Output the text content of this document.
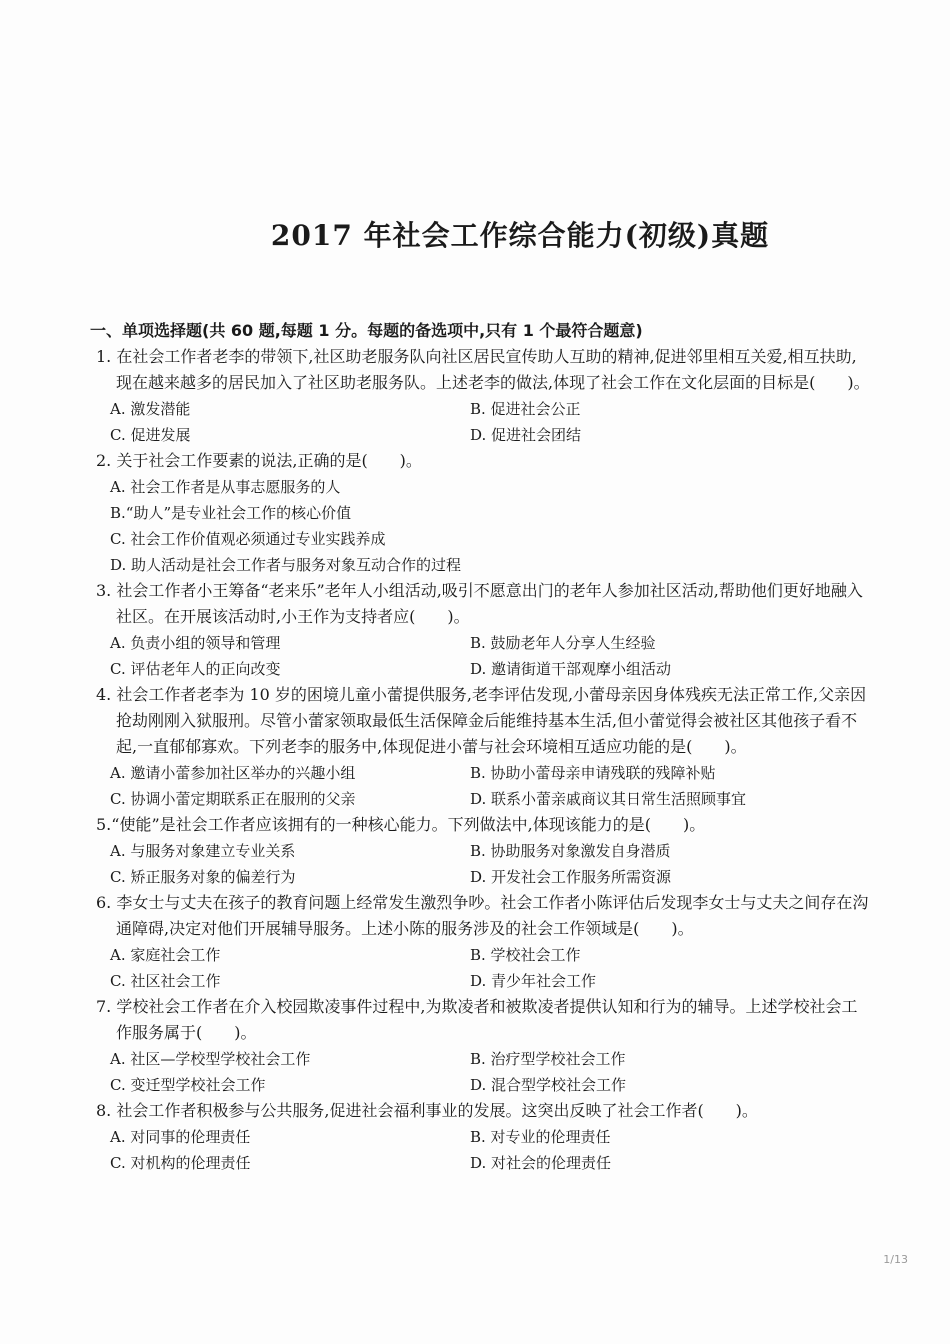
2017 年社会工作综合能力(初级)真题
一、单项选择题(共 60 题,每题 1 分。每题的备选项中,只有 1 个最符合题意)

1. 在社会工作者老李的带领下,社区助老服务队向社区居民宣传助人互助的精神,促进邻里相互关爱,相互扶助,现在越来越多的居民加入了社区助老服务队。上述老李的做法,体现了社会工作在文化层面的目标是(　　)。

A. 激发潜能	B. 促进社会公正
C. 促进发展	D. 促进社会团结

2. 关于社会工作要素的说法,正确的是(　　)。

A. 社会工作者是从事志愿服务的人
B.“助人”是专业社会工作的核心价值
C. 社会工作价值观必须通过专业实践养成
D. 助人活动是社会工作者与服务对象互动合作的过程

3. 社会工作者小王筹备“老来乐”老年人小组活动,吸引不愿意出门的老年人参加社区活动,帮助他们更好地融入社区。在开展该活动时,小王作为支持者应(　　)。

A. 负责小组的领导和管理	B. 鼓励老年人分享人生经验
C. 评估老年人的正向改变	D. 邀请街道干部观摩小组活动

4. 社会工作者老李为 10 岁的困境儿童小蕾提供服务,老李评估发现,小蕾母亲因身体残疾无法正常工作,父亲因抢劫刚刚入狱服刑。尽管小蕾家领取最低生活保障金后能维持基本生活,但小蕾觉得会被社区其他孩子看不起,一直郁郁寡欢。下列老李的服务中,体现促进小蕾与社会环境相互适应功能的是(　　)。

A. 邀请小蕾参加社区举办的兴趣小组	B. 协助小蕾母亲申请残联的残障补贴
C. 协调小蕾定期联系正在服刑的父亲	D. 联系小蕾亲戚商议其日常生活照顾事宜

5.“使能”是社会工作者应该拥有的一种核心能力。下列做法中,体现该能力的是(　　)。

A. 与服务对象建立专业关系	B. 协助服务对象激发自身潜质
C. 矫正服务对象的偏差行为	D. 开发社会工作服务所需资源

6. 李女士与丈夫在孩子的教育问题上经常发生激烈争吵。社会工作者小陈评估后发现李女士与丈夫之间存在沟通障碍,决定对他们开展辅导服务。上述小陈的服务涉及的社会工作领域是(　　)。

A. 家庭社会工作	B. 学校社会工作
C. 社区社会工作	D. 青少年社会工作

7. 学校社会工作者在介入校园欺凌事件过程中,为欺凌者和被欺凌者提供认知和行为的辅导。上述学校社会工作服务属于(　　)。

A. 社区—学校型学校社会工作	B. 治疗型学校社会工作
C. 变迁型学校社会工作	D. 混合型学校社会工作

8. 社会工作者积极参与公共服务,促进社会福利事业的发展。这突出反映了社会工作者(　　)。

A. 对同事的伦理责任	B. 对专业的伦理责任
C. 对机构的伦理责任	D. 对社会的伦理责任
1/13
